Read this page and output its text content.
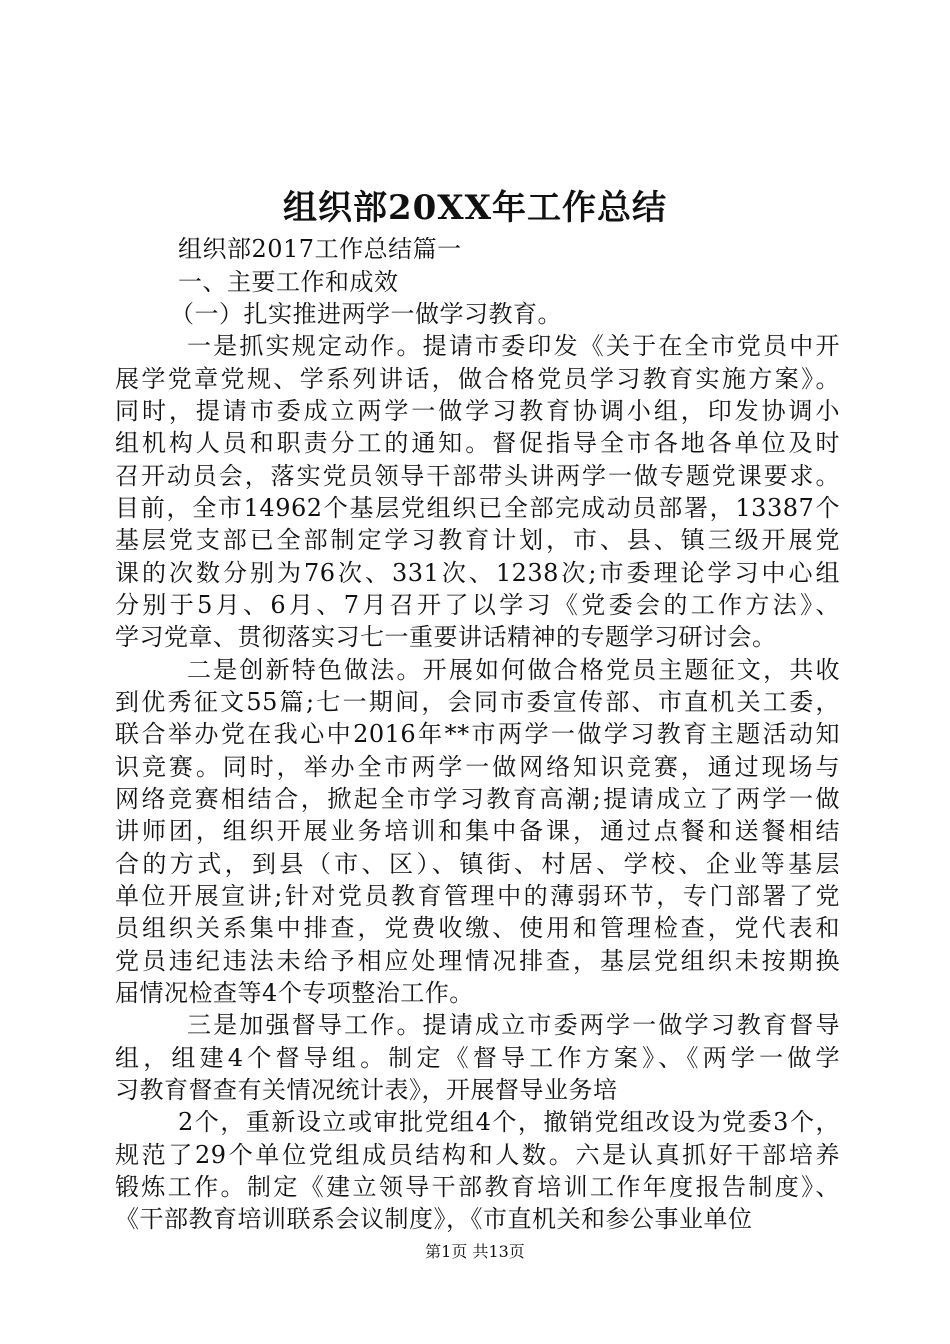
组织部20XX年工作总结
组织部2017工作总结篇一
一、主要工作和成效
（一）扎实推进两学一做学习教育。
一是抓实规定动作。提请市委印发《关于在全市党员中开
展学党章党规、学系列讲话，做合格党员学习教育实施方案》。
同时，提请市委成立两学一做学习教育协调小组，印发协调小
组机构人员和职责分工的通知。督促指导全市各地各单位及时
召开动员会，落实党员领导干部带头讲两学一做专题党课要求。
目前，全市14962个基层党组织已全部完成动员部署，13387个
基层党支部已全部制定学习教育计划，市、县、镇三级开展党
课的次数分别为76次、331次、1238次;市委理论学习中心组
分别于5月、6月、7月召开了以学习《党委会的工作方法》、
学习党章、贯彻落实习七一重要讲话精神的专题学习研讨会。
二是创新特色做法。开展如何做合格党员主题征文，共收
到优秀征文55篇;七一期间，会同市委宣传部、市直机关工委，
联合举办党在我心中2016年**市两学一做学习教育主题活动知
识竞赛。同时，举办全市两学一做网络知识竞赛，通过现场与
网络竞赛相结合，掀起全市学习教育高潮;提请成立了两学一做
讲师团，组织开展业务培训和集中备课，通过点餐和送餐相结
合的方式，到县（市、区）、镇街、村居、学校、企业等基层
单位开展宣讲;针对党员教育管理中的薄弱环节，专门部署了党
员组织关系集中排查，党费收缴、使用和管理检查，党代表和
党员违纪违法未给予相应处理情况排查，基层党组织未按期换
届情况检查等4个专项整治工作。
三是加强督导工作。提请成立市委两学一做学习教育督导
组，组建4个督导组。制定《督导工作方案》、《两学一做学
习教育督查有关情况统计表》，开展督导业务培
2个，重新设立或审批党组4个，撤销党组改设为党委3个，
规范了29个单位党组成员结构和人数。六是认真抓好干部培养
锻炼工作。制定《建立领导干部教育培训工作年度报告制度》、
《干部教育培训联系会议制度》，《市直机关和参公事业单位
第1页 共13页
